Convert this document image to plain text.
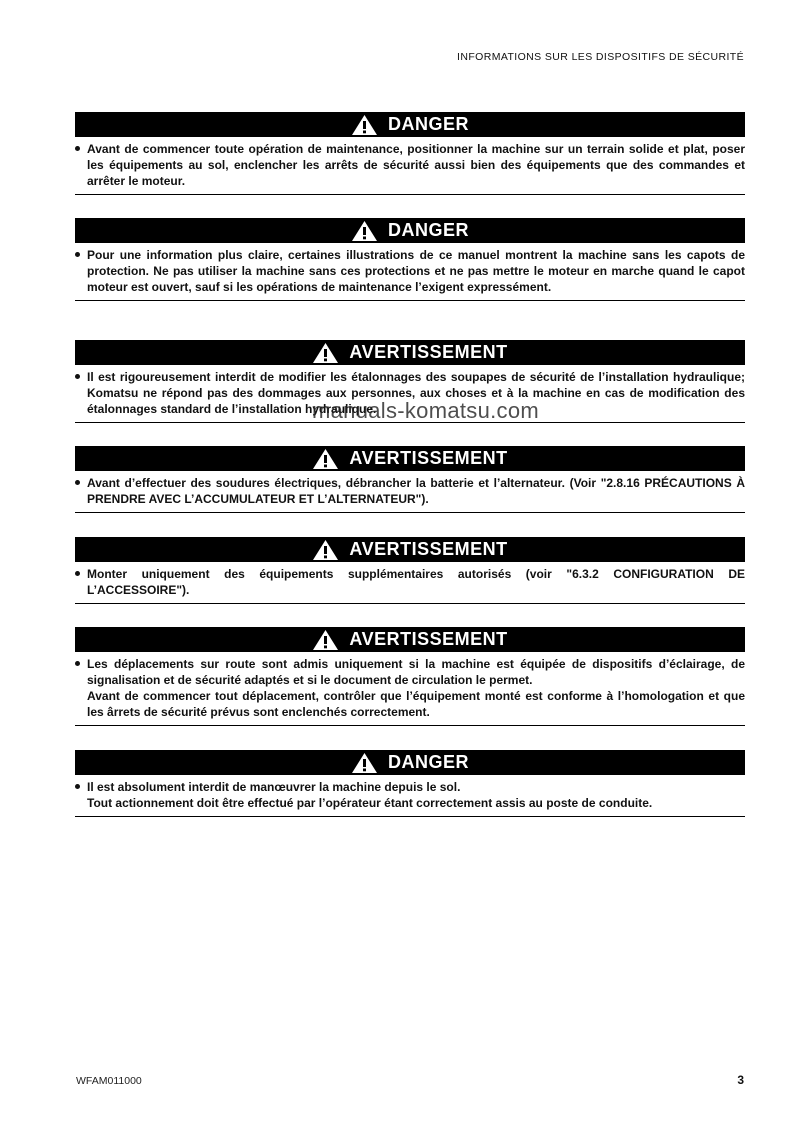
INFORMATIONS SUR LES DISPOSITIFS DE SÉCURITÉ
DANGER
Avant de commencer toute opération de maintenance, positionner la machine sur un terrain solide et plat, poser les équipements au sol, enclencher les arrêts de sécurité aussi bien des équipements que des commandes et arrêter le moteur.
DANGER
Pour une information plus claire, certaines illustrations de ce manuel montrent la machine sans les capots de protection. Ne pas utiliser la machine sans ces protections et ne pas mettre le moteur en marche quand le capot moteur est ouvert, sauf si les opérations de maintenance l’exigent expressément.
AVERTISSEMENT
Il est rigoureusement interdit de modifier les étalonnages des soupapes de sécurité de l’installation hydraulique; Komatsu ne répond pas des dommages aux personnes, aux choses et à la machine en cas de modification des étalonnages standard de l’installation hydraulique.
AVERTISSEMENT
Avant d’effectuer des soudures électriques, débrancher la batterie et l’alternateur. (Voir "2.8.16 PRÉCAUTIONS À PRENDRE AVEC L’ACCUMULATEUR ET L’ALTERNATEUR").
AVERTISSEMENT
Monter uniquement des équipements supplémentaires autorisés (voir "6.3.2 CONFIGURATION DE L’ACCESSOIRE").
AVERTISSEMENT
Les déplacements sur route sont admis uniquement si la machine est équipée de dispositifs d’éclairage, de signalisation et de sécurité adaptés et si le document de circulation le permet.
Avant de commencer tout déplacement, contrôler que l’équipement monté est conforme à l’homologation et que les ârrets de sécurité prévus sont enclenchés correctement.
DANGER
Il est absolument interdit de manœuvrer la machine depuis le sol.
Tout actionnement doit être effectué par l’opérateur étant correctement assis au poste de conduite.
manuals-komatsu.com
WFAM011000	3
